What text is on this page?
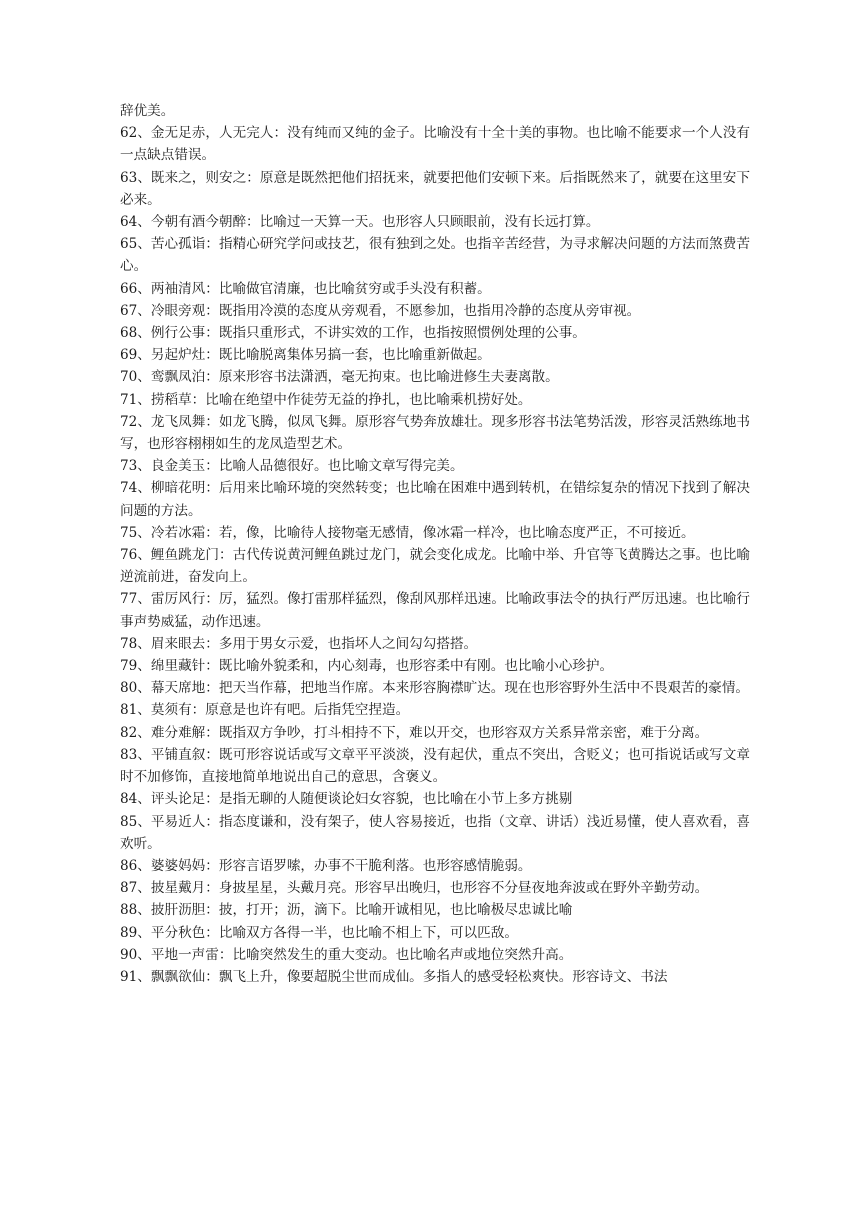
辞优美。

62、金无足赤，人无完人：没有纯而又纯的金子。比喻没有十全十美的事物。也比喻不能要求一个人没有一点缺点错误。

63、既来之，则安之：原意是既然把他们招抚来，就要把他们安顿下来。后指既然来了，就要在这里安下必来。

64、今朝有酒今朝醉：比喻过一天算一天。也形容人只顾眼前，没有长远打算。

65、苦心孤诣：指精心研究学问或技艺，很有独到之处。也指辛苦经营，为寻求解决问题的方法而煞费苦心。

66、两袖清风：比喻做官清廉，也比喻贫穷或手头没有积蓄。

67、冷眼旁观：既指用冷漠的态度从旁观看，不愿参加，也指用冷静的态度从旁审视。

68、例行公事：既指只重形式，不讲实效的工作，也指按照惯例处理的公事。

69、另起炉灶：既比喻脱离集体另搞一套，也比喻重新做起。

70、鸾飘凤泊：原来形容书法潇洒，毫无拘束。也比喻进修生夫妻离散。

71、捞稻草：比喻在绝望中作徒劳无益的挣扎，也比喻乘机捞好处。

72、龙飞凤舞：如龙飞腾，似凤飞舞。原形容气势奔放雄壮。现多形容书法笔势活泼，形容灵活熟练地书写，也形容栩栩如生的龙凤造型艺术。

73、良金美玉：比喻人品德很好。也比喻文章写得完美。

74、柳暗花明：后用来比喻环境的突然转变；也比喻在困难中遇到转机，在错综复杂的情况下找到了解决问题的方法。

75、冷若冰霜：若，像，比喻待人接物毫无感情，像冰霜一样冷，也比喻态度严正，不可接近。

76、鲤鱼跳龙门：古代传说黄河鲤鱼跳过龙门，就会变化成龙。比喻中举、升官等飞黄腾达之事。也比喻逆流前进，奋发向上。

77、雷厉风行：厉，猛烈。像打雷那样猛烈，像刮风那样迅速。比喻政事法令的执行严厉迅速。也比喻行事声势威猛，动作迅速。

78、眉来眼去：多用于男女示爱，也指坏人之间勾勾搭搭。

79、绵里藏针：既比喻外貌柔和，内心刻毒，也形容柔中有刚。也比喻小心珍护。

80、幕天席地：把天当作幕，把地当作席。本来形容胸襟旷达。现在也形容野外生活中不畏艰苦的豪情。

81、莫须有：原意是也许有吧。后指凭空捏造。

82、难分难解：既指双方争吵，打斗相持不下，难以开交，也形容双方关系异常亲密，难于分离。

83、平铺直叙：既可形容说话或写文章平平淡淡，没有起伏，重点不突出，含贬义；也可指说话或写文章时不加修饰，直接地简单地说出自己的意思，含褒义。

84、评头论足：是指无聊的人随便谈论妇女容貌，也比喻在小节上多方挑剔

85、平易近人：指态度谦和，没有架子，使人容易接近，也指（文章、讲话）浅近易懂，使人喜欢看，喜欢听。

86、婆婆妈妈：形容言语罗嗦，办事不干脆利落。也形容感情脆弱。

87、披星戴月：身披星星，头戴月亮。形容早出晚归，也形容不分昼夜地奔波或在野外辛勤劳动。

88、披肝沥胆：披，打开；沥，滴下。比喻开诚相见，也比喻极尽忠诚比喻

89、平分秋色：比喻双方各得一半，也比喻不相上下，可以匹敌。

90、平地一声雷：比喻突然发生的重大变动。也比喻名声或地位突然升高。

91、飘飘欲仙：飘飞上升，像要超脱尘世而成仙。多指人的感受轻松爽快。形容诗文、书法
